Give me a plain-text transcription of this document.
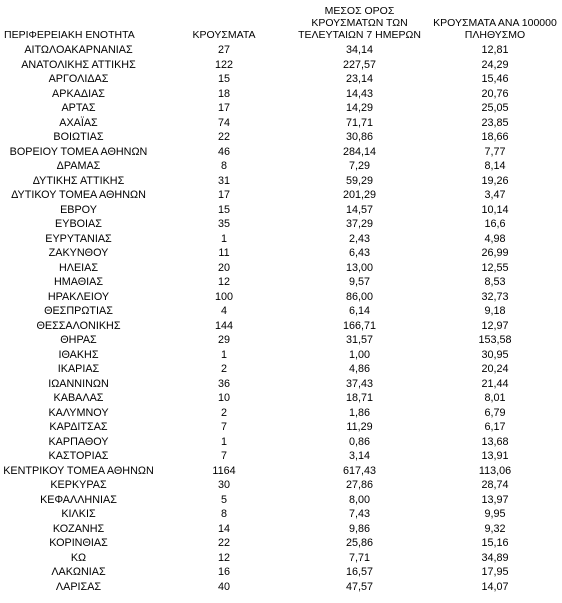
ΠΕΡΙΦΕΡΕΙΑΚΗ ΕΝΟΤΗΤΑ	ΚΡΟΥΣΜΑΤΑ	ΜΕΣΟΣ ΟΡΟΣ
ΚΡΟΥΣΜΑΤΩΝ ΤΩΝ
ΤΕΛΕΥΤΑΙΩΝ 7 ΗΜΕΡΩΝ	ΚΡΟΥΣΜΑΤΑ ΑΝΑ 100000
ΠΛΗΘΥΣΜΟ
ΑΙΤΩΛΟΑΚΑΡΝΑΝΙΑΣ	27	34,14	12,81
ΑΝΑΤΟΛΙΚΗΣ ΑΤΤΙΚΗΣ	122	227,57	24,29
ΑΡΓΟΛΙΔΑΣ	15	23,14	15,46
ΑΡΚΑΔΙΑΣ	18	14,43	20,76
ΑΡΤΑΣ	17	14,29	25,05
ΑΧΑΪΑΣ	74	71,71	23,85
ΒΟΙΩΤΙΑΣ	22	30,86	18,66
ΒΟΡΕΙΟΥ ΤΟΜΕΑ ΑΘΗΝΩΝ	46	284,14	7,77
ΔΡΑΜΑΣ	8	7,29	8,14
ΔΥΤΙΚΗΣ ΑΤΤΙΚΗΣ	31	59,29	19,26
ΔΥΤΙΚΟΥ ΤΟΜΕΑ ΑΘΗΝΩΝ	17	201,29	3,47
ΕΒΡΟΥ	15	14,57	10,14
ΕΥΒΟΙΑΣ	35	37,29	16,6
ΕΥΡΥΤΑΝΙΑΣ	1	2,43	4,98
ΖΑΚΥΝΘΟΥ	11	6,43	26,99
ΗΛΕΙΑΣ	20	13,00	12,55
ΗΜΑΘΙΑΣ	12	9,57	8,53
ΗΡΑΚΛΕΙΟΥ	100	86,00	32,73
ΘΕΣΠΡΩΤΙΑΣ	4	6,14	9,18
ΘΕΣΣΑΛΟΝΙΚΗΣ	144	166,71	12,97
ΘΗΡΑΣ	29	31,57	153,58
ΙΘΑΚΗΣ	1	1,00	30,95
ΙΚΑΡΙΑΣ	2	4,86	20,24
ΙΩΑΝΝΙΝΩΝ	36	37,43	21,44
ΚΑΒΑΛΑΣ	10	18,71	8,01
ΚΑΛΥΜΝΟΥ	2	1,86	6,79
ΚΑΡΔΙΤΣΑΣ	7	11,29	6,17
ΚΑΡΠΑΘΟΥ	1	0,86	13,68
ΚΑΣΤΟΡΙΑΣ	7	3,14	13,91
ΚΕΝΤΡΙΚΟΥ ΤΟΜΕΑ ΑΘΗΝΩΝ	1164	617,43	113,06
ΚΕΡΚΥΡΑΣ	30	27,86	28,74
ΚΕΦΑΛΛΗΝΙΑΣ	5	8,00	13,97
ΚΙΛΚΙΣ	8	7,43	9,95
ΚΟΖΑΝΗΣ	14	9,86	9,32
ΚΟΡΙΝΘΙΑΣ	22	25,86	15,16
ΚΩ	12	7,71	34,89
ΛΑΚΩΝΙΑΣ	16	16,57	17,95
ΛΑΡΙΣΑΣ	40	47,57	14,07
